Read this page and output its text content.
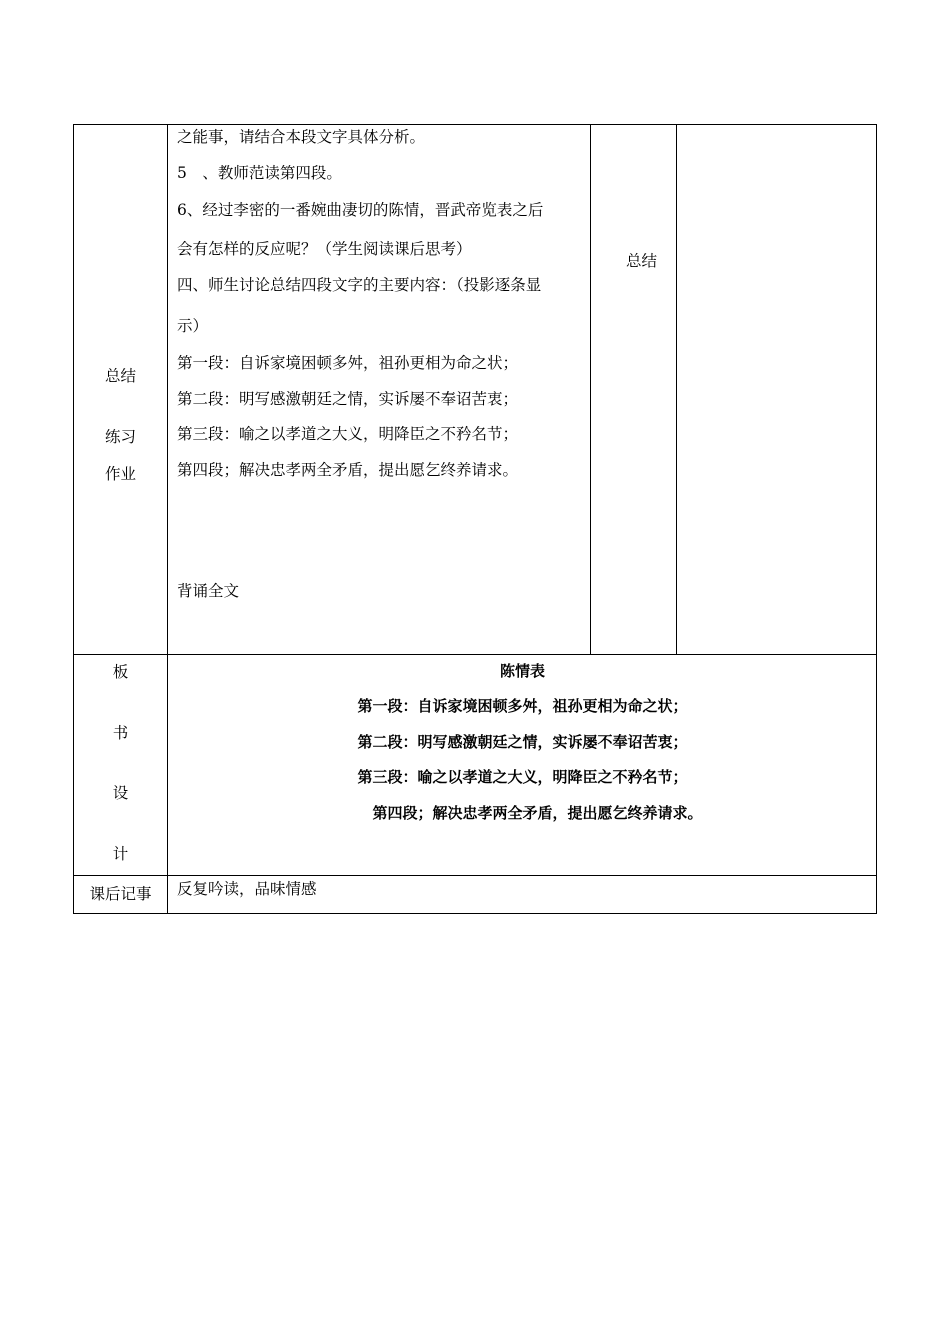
总结
练习
作业
之能事，请结合本段文字具体分析。
5　、教师范读第四段。
6、经过李密的一番婉曲凄切的陈情，晋武帝览表之后
会有怎样的反应呢？（学生阅读课后思考）
四、师生讨论总结四段文字的主要内容：（投影逐条显
示）
第一段：自诉家境困顿多舛，祖孙更相为命之状；
第二段：明写感激朝廷之情，实诉屡不奉诏苦衷；
第三段：喻之以孝道之大义，明降臣之不矜名节；
第四段；解决忠孝两全矛盾，提出愿乞终养请求。
背诵全文
总结
板
书
设
计
陈情表
第一段：自诉家境困顿多舛，祖孙更相为命之状；
第二段：明写感激朝廷之情，实诉屡不奉诏苦衷；
第三段：喻之以孝道之大义，明降臣之不矜名节；
第四段；解决忠孝两全矛盾，提出愿乞终养请求。
课后记事	反复吟读，品味情感
